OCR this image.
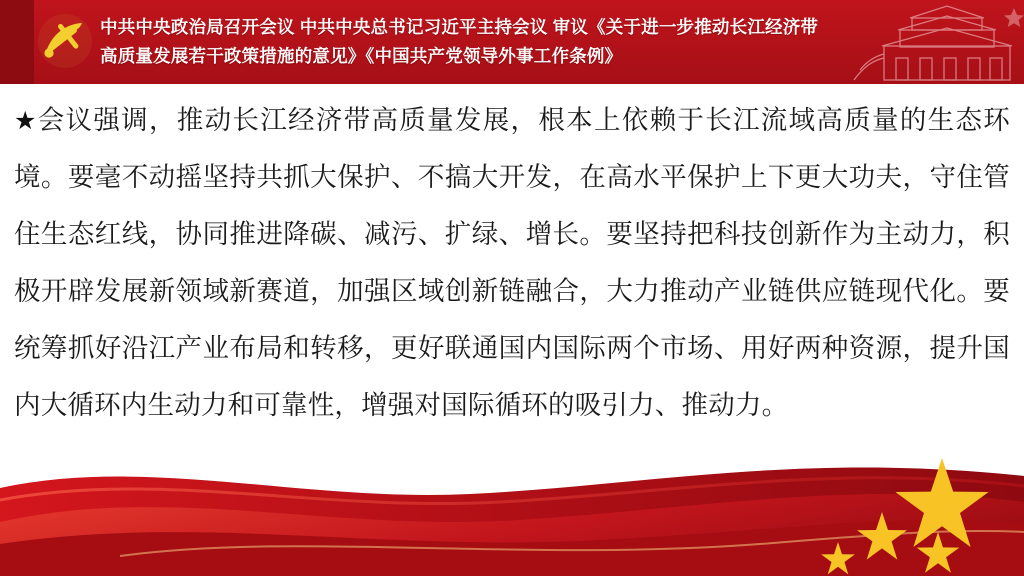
中共中央政治局召开会议 中共中央总书记习近平主持会议 审议《关于进一步推动长江经济带
高质量发展若干政策措施的意见》《中国共产党领导外事工作条例》

★会议强调，推动长江经济带高质量发展，根本上依赖于长江流域高质量的生态环境。要毫不动摇坚持共抓大保护、不搞大开发，在高水平保护上下更大功夫，守住管住生态红线，协同推进降碳、减污、扩绿、增长。要坚持把科技创新作为主动力，积极开辟发展新领域新赛道，加强区域创新链融合，大力推动产业链供应链现代化。要统筹抓好沿江产业布局和转移，更好联通国内国际两个市场、用好两种资源，提升国内大循环内生动力和可靠性，增强对国际循环的吸引力、推动力。
